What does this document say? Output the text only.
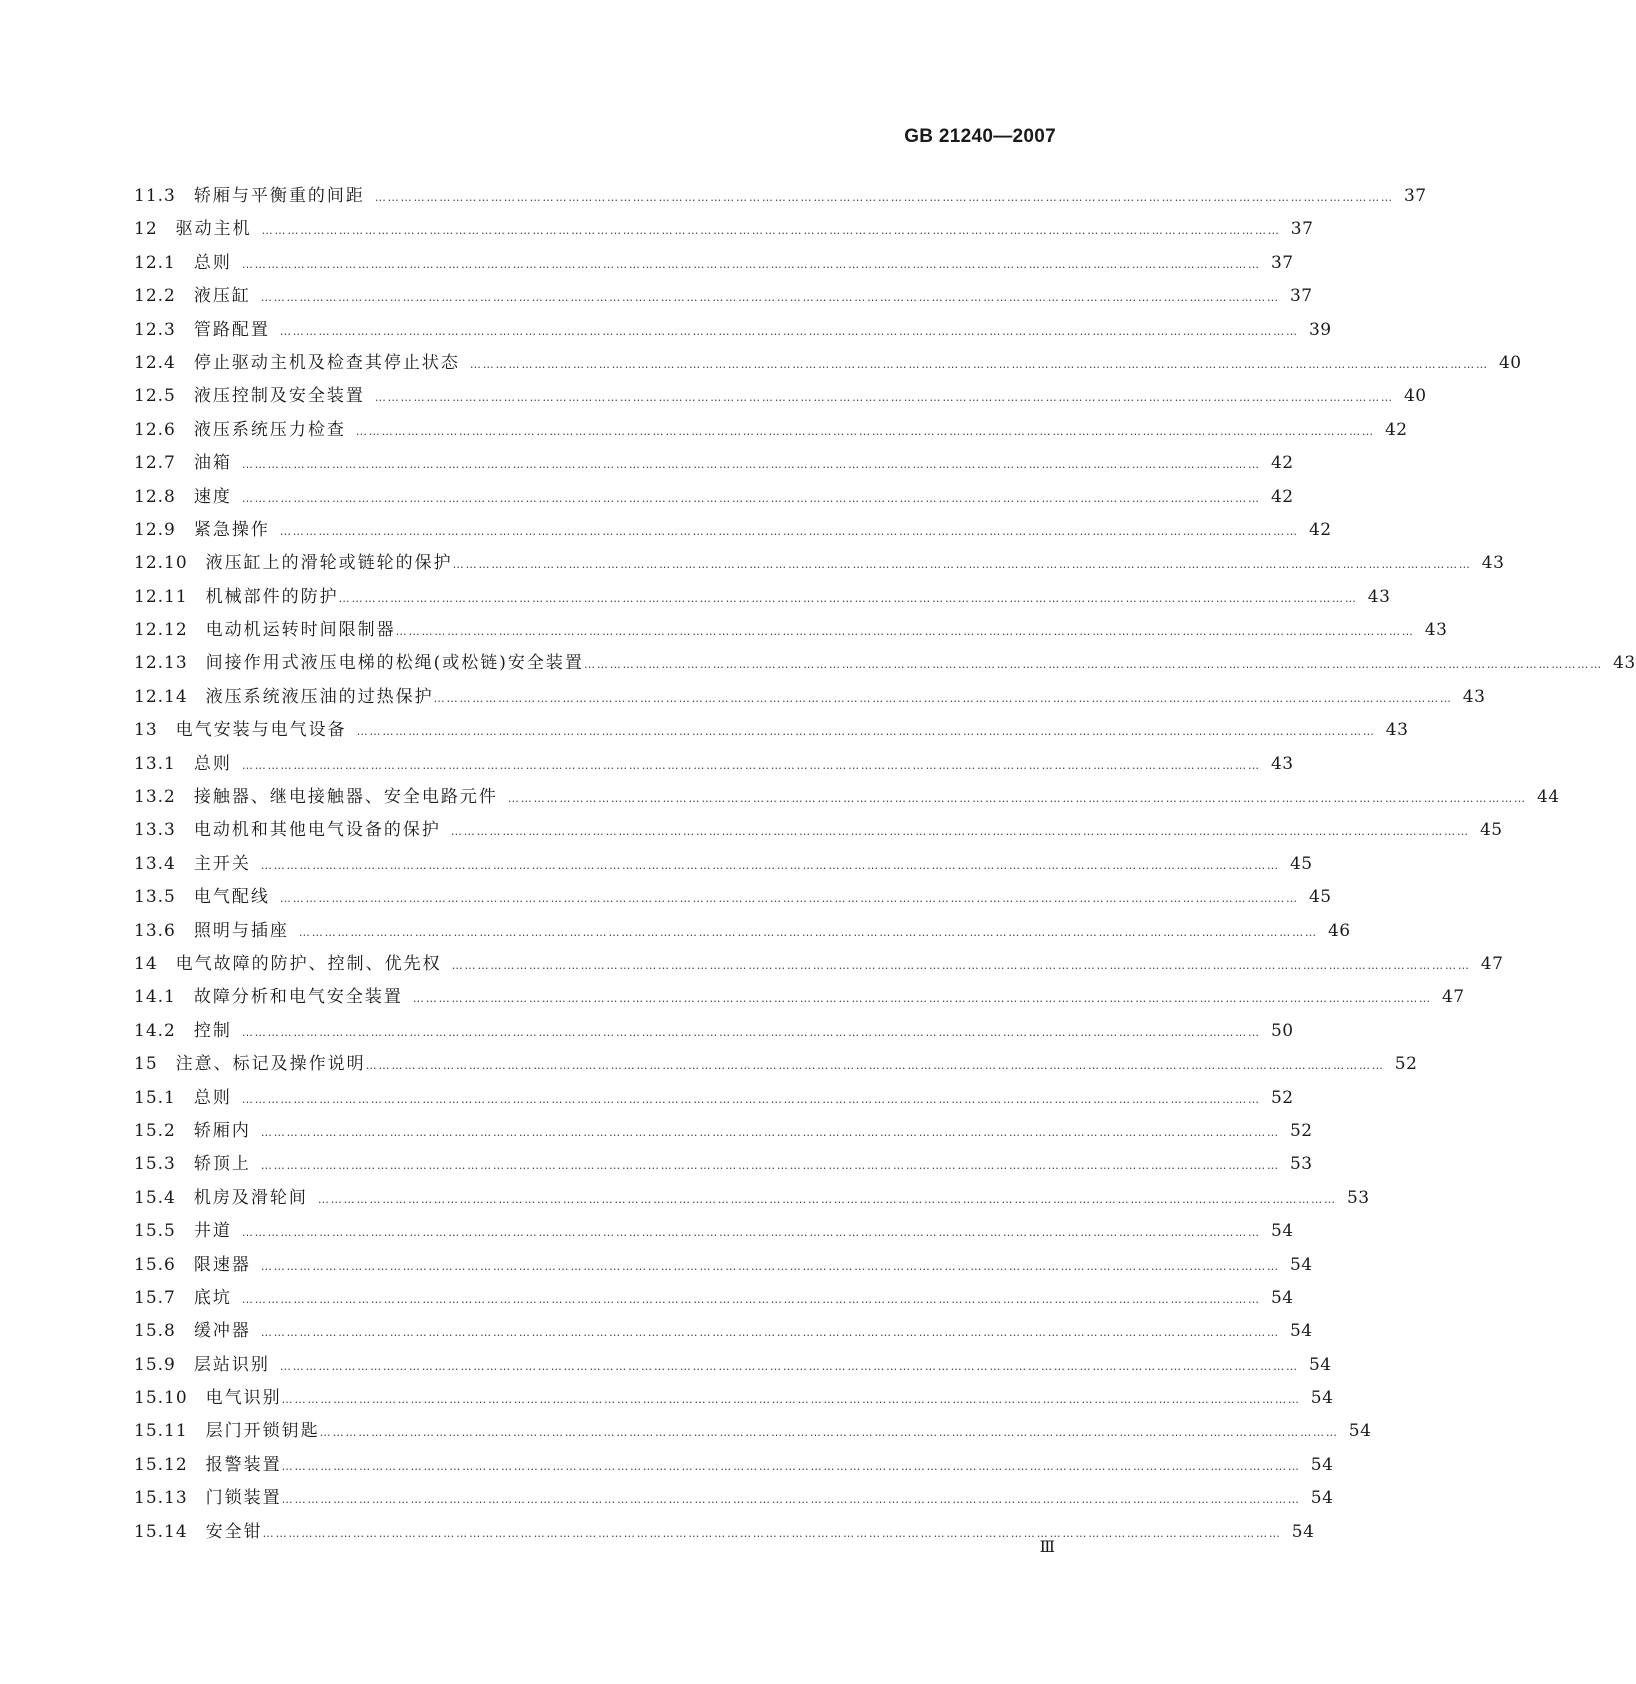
GB 21240—2007
11.3 轿厢与平衡重的间距 ………………………………………………………………………………………………………………………………………………………………………………………………………………… 37
12 驱动主机 ………………………………………………………………………………………………………………………………………………………………………………………………………………… 37
12.1 总则 ………………………………………………………………………………………………………………………………………………………………………………………………………………… 37
12.2 液压缸 ………………………………………………………………………………………………………………………………………………………………………………………………………………… 37
12.3 管路配置 ………………………………………………………………………………………………………………………………………………………………………………………………………………… 39
12.4 停止驱动主机及检查其停止状态 ………………………………………………………………………………………………………………………………………………………………………………………………………………… 40
12.5 液压控制及安全装置 ………………………………………………………………………………………………………………………………………………………………………………………………………………… 40
12.6 液压系统压力检查 ………………………………………………………………………………………………………………………………………………………………………………………………………………… 42
12.7 油箱 ………………………………………………………………………………………………………………………………………………………………………………………………………………… 42
12.8 速度 ………………………………………………………………………………………………………………………………………………………………………………………………………………… 42
12.9 紧急操作 ………………………………………………………………………………………………………………………………………………………………………………………………………………… 42
12.10 液压缸上的滑轮或链轮的保护 ………………………………………………………………………………………………………………………………………………………………………………………………………………… 43
12.11 机械部件的防护 ………………………………………………………………………………………………………………………………………………………………………………………………………………… 43
12.12 电动机运转时间限制器 ………………………………………………………………………………………………………………………………………………………………………………………………………………… 43
12.13 间接作用式液压电梯的松绳(或松链)安全装置 ………………………………………………………………………………………………………………………………………………………………………………………………………………… 43
12.14 液压系统液压油的过热保护 ………………………………………………………………………………………………………………………………………………………………………………………………………………… 43
13 电气安装与电气设备 ………………………………………………………………………………………………………………………………………………………………………………………………………………… 43
13.1 总则 ………………………………………………………………………………………………………………………………………………………………………………………………………………… 43
13.2 接触器、继电接触器、安全电路元件 ………………………………………………………………………………………………………………………………………………………………………………………………………………… 44
13.3 电动机和其他电气设备的保护 ………………………………………………………………………………………………………………………………………………………………………………………………………………… 45
13.4 主开关 ………………………………………………………………………………………………………………………………………………………………………………………………………………… 45
13.5 电气配线 ………………………………………………………………………………………………………………………………………………………………………………………………………………… 45
13.6 照明与插座 ………………………………………………………………………………………………………………………………………………………………………………………………………………… 46
14 电气故障的防护、控制、优先权 ………………………………………………………………………………………………………………………………………………………………………………………………………………… 47
14.1 故障分析和电气安全装置 ………………………………………………………………………………………………………………………………………………………………………………………………………………… 47
14.2 控制 ………………………………………………………………………………………………………………………………………………………………………………………………………………… 50
15 注意、标记及操作说明 ………………………………………………………………………………………………………………………………………………………………………………………………………………… 52
15.1 总则 ………………………………………………………………………………………………………………………………………………………………………………………………………………… 52
15.2 轿厢内 ………………………………………………………………………………………………………………………………………………………………………………………………………………… 52
15.3 轿顶上 ………………………………………………………………………………………………………………………………………………………………………………………………………………… 53
15.4 机房及滑轮间 ………………………………………………………………………………………………………………………………………………………………………………………………………………… 53
15.5 井道 ………………………………………………………………………………………………………………………………………………………………………………………………………………… 54
15.6 限速器 ………………………………………………………………………………………………………………………………………………………………………………………………………………… 54
15.7 底坑 ………………………………………………………………………………………………………………………………………………………………………………………………………………… 54
15.8 缓冲器 ………………………………………………………………………………………………………………………………………………………………………………………………………………… 54
15.9 层站识别 ………………………………………………………………………………………………………………………………………………………………………………………………………………… 54
15.10 电气识别 ………………………………………………………………………………………………………………………………………………………………………………………………………………… 54
15.11 层门开锁钥匙 ………………………………………………………………………………………………………………………………………………………………………………………………………………… 54
15.12 报警装置 ………………………………………………………………………………………………………………………………………………………………………………………………………………… 54
15.13 门锁装置 ………………………………………………………………………………………………………………………………………………………………………………………………………………… 54
15.14 安全钳 ………………………………………………………………………………………………………………………………………………………………………………………………………………… 54
Ⅲ
